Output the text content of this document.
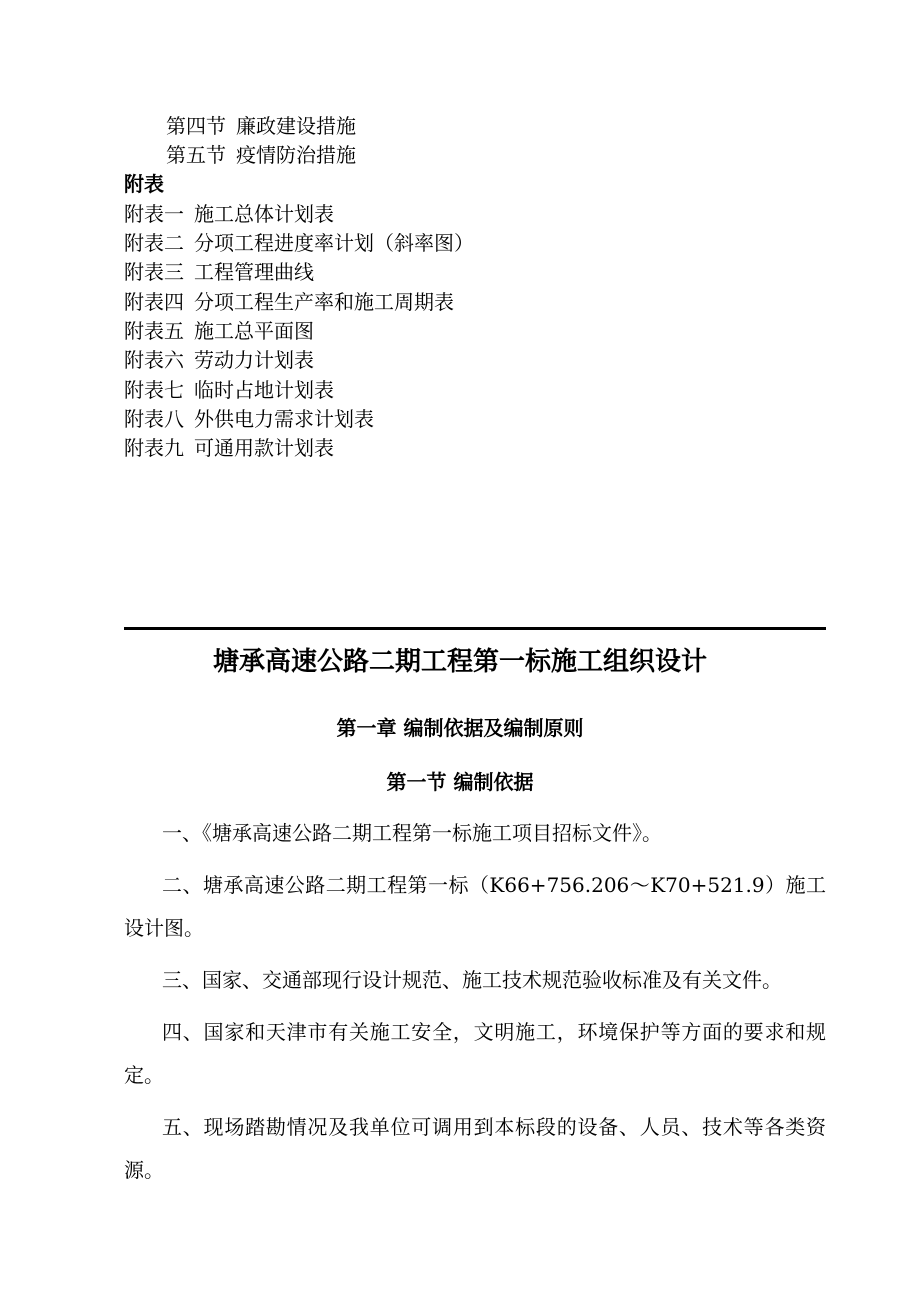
第四节 廉政建设措施
第五节 疫情防治措施
附表
附表一 施工总体计划表
附表二 分项工程进度率计划（斜率图）
附表三 工程管理曲线
附表四 分项工程生产率和施工周期表
附表五 施工总平面图
附表六 劳动力计划表
附表七 临时占地计划表
附表八 外供电力需求计划表
附表九 可通用款计划表
塘承高速公路二期工程第一标施工组织设计
第一章 编制依据及编制原则
第一节 编制依据
一、《塘承高速公路二期工程第一标施工项目招标文件》。
二、塘承高速公路二期工程第一标（K66+756.206～K70+521.9）施工设计图。
三、国家、交通部现行设计规范、施工技术规范验收标准及有关文件。
四、国家和天津市有关施工安全，文明施工，环境保护等方面的要求和规定。
五、现场踏勘情况及我单位可调用到本标段的设备、人员、技术等各类资源。
